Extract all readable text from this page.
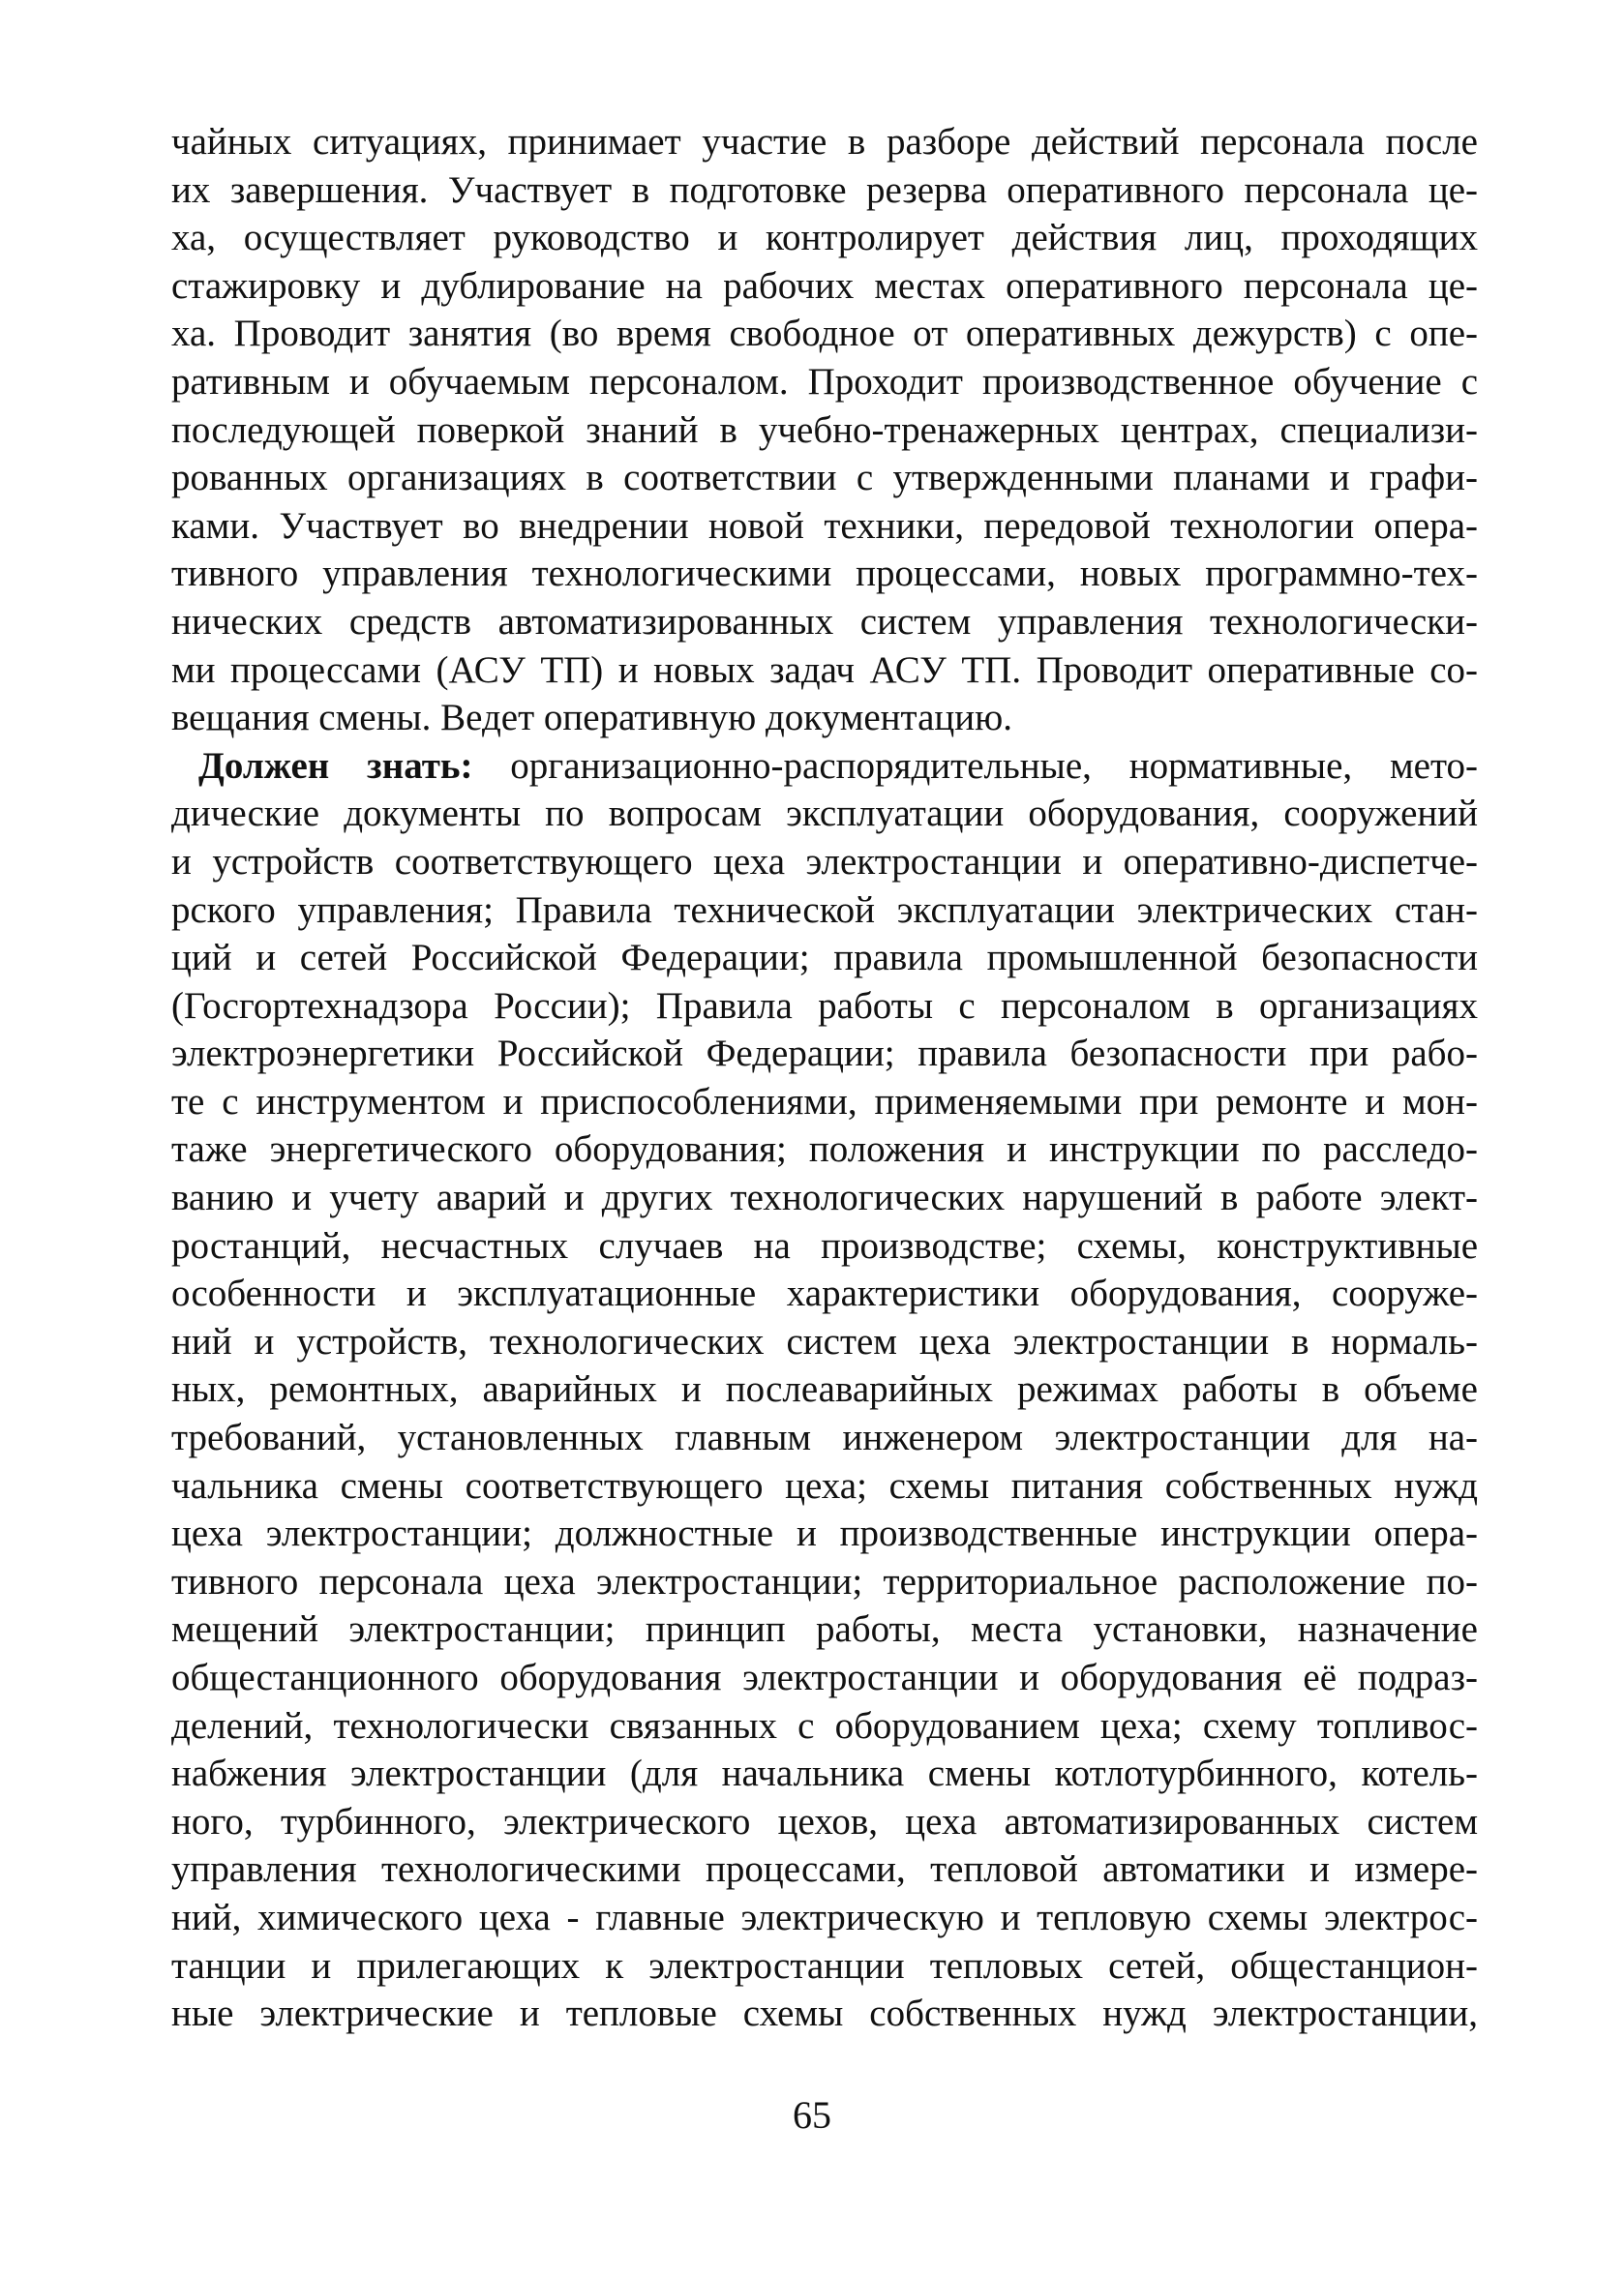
чайных ситуациях, принимает участие в разборе действий персонала после
их завершения. Участвует в подготовке резерва оперативного персонала це-
ха, осуществляет руководство и контролирует действия лиц, проходящих
стажировку и дублирование на рабочих местах оперативного персонала це-
ха. Проводит занятия (во время свободное от оперативных дежурств) с опе-
ративным и обучаемым персоналом. Проходит производственное обучение с
последующей поверкой знаний в учебно-тренажерных центрах, специализи-
рованных организациях в соответствии с утвержденными планами и графи-
ками. Участвует во внедрении новой техники, передовой технологии опера-
тивного управления технологическими процессами, новых программно-тех-
нических средств автоматизированных систем управления технологически-
ми процессами (АСУ ТП) и новых задач АСУ ТП. Проводит оперативные со-
вещания смены. Ведет оперативную документацию.
Должен знать: организационно-распорядительные, нормативные, мето-
дические документы по вопросам эксплуатации оборудования, сооружений
и устройств соответствующего цеха электростанции и оперативно-диспетче-
рского управления; Правила технической эксплуатации электрических стан-
ций и сетей Российской Федерации; правила промышленной безопасности
(Госгортехнадзора России); Правила работы с персоналом в организациях
электроэнергетики Российской Федерации; правила безопасности при рабо-
те с инструментом и приспособлениями, применяемыми при ремонте и мон-
таже энергетического оборудования; положения и инструкции по расследо-
ванию и учету аварий и других технологических нарушений в работе элект-
ростанций, несчастных случаев на производстве; схемы, конструктивные
особенности и эксплуатационные характеристики оборудования, сооруже-
ний и устройств, технологических систем цеха электростанции в нормаль-
ных, ремонтных, аварийных и послеаварийных режимах работы в объеме
требований, установленных главным инженером электростанции для на-
чальника смены соответствующего цеха; схемы питания собственных нужд
цеха электростанции; должностные и производственные инструкции опера-
тивного персонала цеха электростанции; территориальное расположение по-
мещений электростанции; принцип работы, места установки, назначение
общестанционного оборудования электростанции и оборудования её подраз-
делений, технологически связанных с оборудованием цеха; схему топливос-
набжения электростанции (для начальника смены котлотурбинного, котель-
ного, турбинного, электрического цехов, цеха автоматизированных систем
управления технологическими процессами, тепловой автоматики и измере-
ний, химического цеха - главные электрическую и тепловую схемы электрос-
танции и прилегающих к электростанции тепловых сетей, общестанцион-
ные электрические и тепловые схемы собственных нужд электростанции,
65
